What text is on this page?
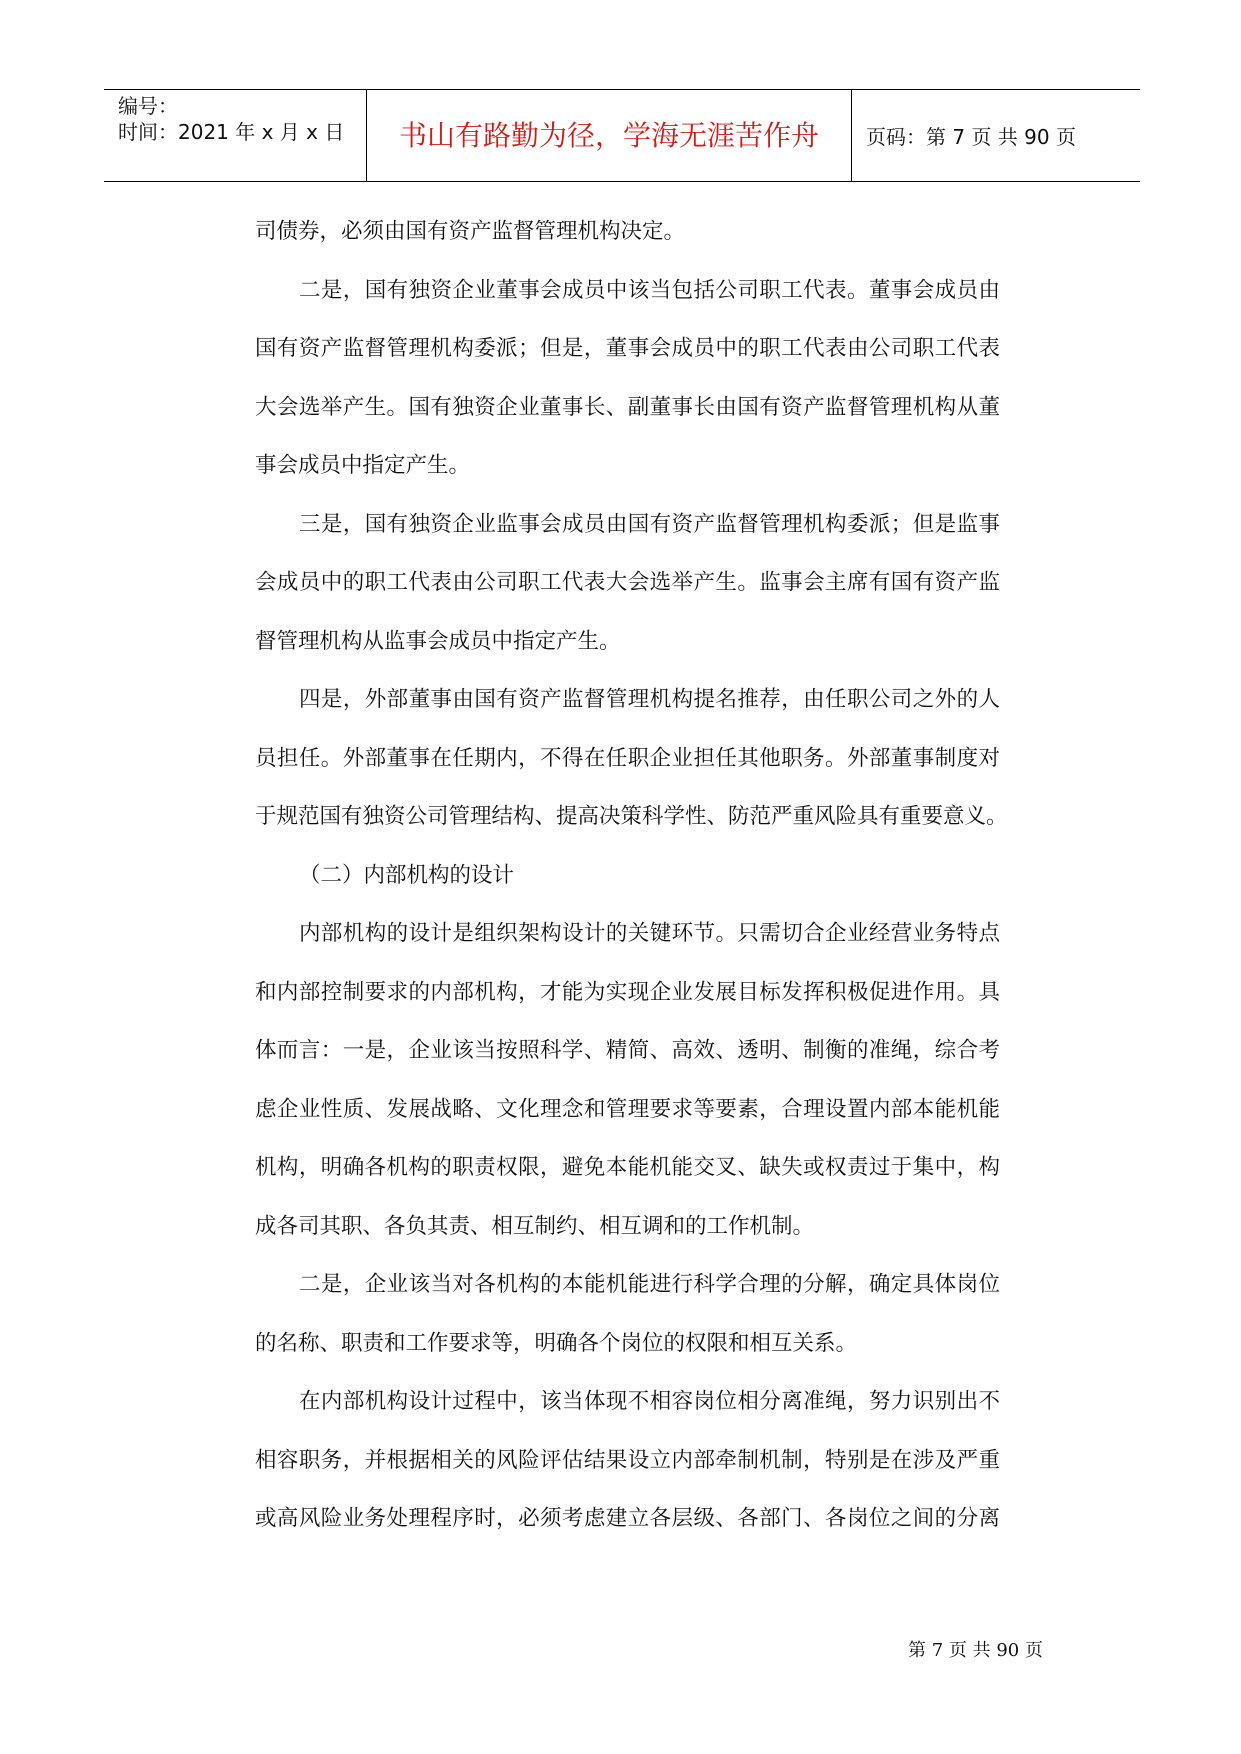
编号：
时间：2021 年 x 月 x 日	书山有路勤为径，学海无涯苦作舟	页码：第 7 页 共 90 页
司债券，必须由国有资产监督管理机构决定。
二是，国有独资企业董事会成员中该当包括公司职工代表。董事会成员由
国有资产监督管理机构委派；但是，董事会成员中的职工代表由公司职工代表
大会选举产生。国有独资企业董事长、副董事长由国有资产监督管理机构从董
事会成员中指定产生。
三是，国有独资企业监事会成员由国有资产监督管理机构委派；但是监事
会成员中的职工代表由公司职工代表大会选举产生。监事会主席有国有资产监
督管理机构从监事会成员中指定产生。
四是，外部董事由国有资产监督管理机构提名推荐，由任职公司之外的人
员担任。外部董事在任期内，不得在任职企业担任其他职务。外部董事制度对
于规范国有独资公司管理结构、提高决策科学性、防范严重风险具有重要意义。
（二）内部机构的设计
内部机构的设计是组织架构设计的关键环节。只需切合企业经营业务特点
和内部控制要求的内部机构，才能为实现企业发展目标发挥积极促进作用。具
体而言：一是，企业该当按照科学、精简、高效、透明、制衡的准绳，综合考
虑企业性质、发展战略、文化理念和管理要求等要素，合理设置内部本能机能
机构，明确各机构的职责权限，避免本能机能交叉、缺失或权责过于集中，构
成各司其职、各负其责、相互制约、相互调和的工作机制。
二是，企业该当对各机构的本能机能进行科学合理的分解，确定具体岗位
的名称、职责和工作要求等，明确各个岗位的权限和相互关系。
在内部机构设计过程中，该当体现不相容岗位相分离准绳，努力识别出不
相容职务，并根据相关的风险评估结果设立内部牵制机制，特别是在涉及严重
或高风险业务处理程序时，必须考虑建立各层级、各部门、各岗位之间的分离
第 7 页 共 90 页
